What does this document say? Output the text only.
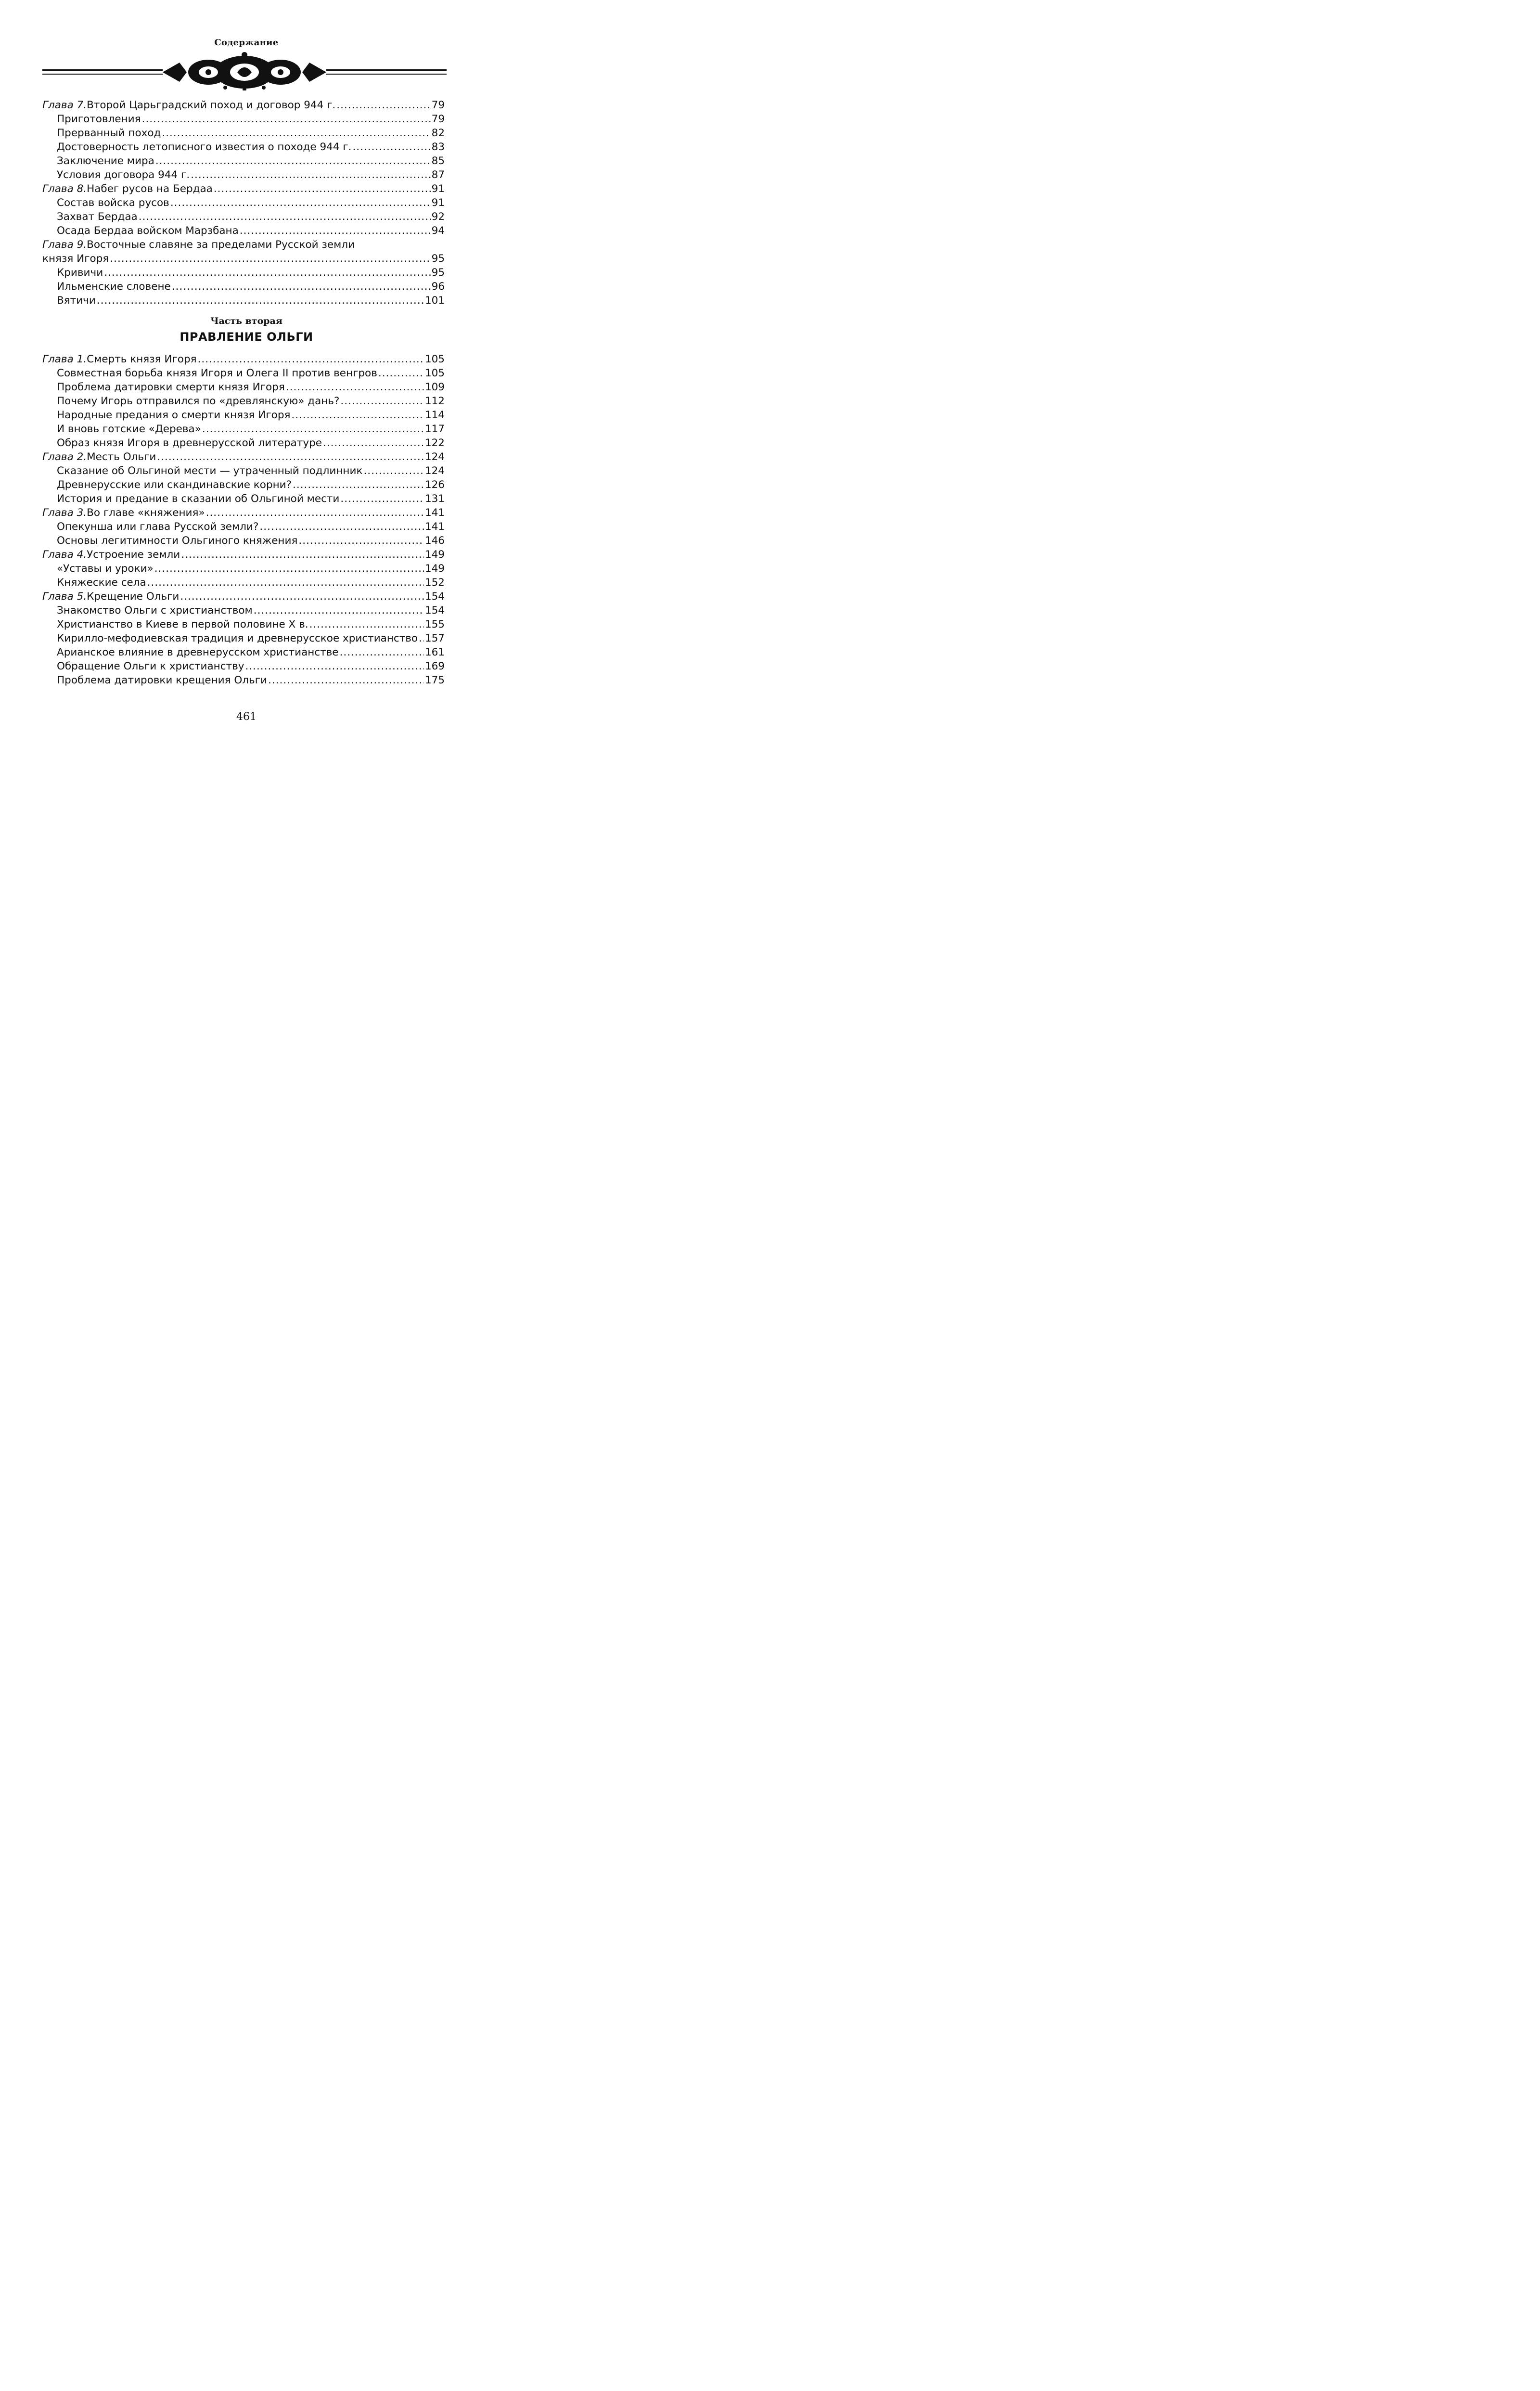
Содержание
Глава 7. Второй Царьградский поход и договор 944 г. .....	79
Приготовления .....	79
Прерванный поход .....	82
Достоверность летописного известия о походе 944 г. .....	83
Заключение мира .....	85
Условия договора 944 г. .....	87
Глава 8. Набег русов на Бердаа .....	91
Состав войска русов .....	91
Захват Бердаа .....	92
Осада Бердаа войском Марзбана .....	94
Глава 9. Восточные славяне за пределами Русской земли
князя Игоря .....	95
Кривичи .....	95
Ильменские словене .....	96
Вятичи .....	101
Часть вторая
ПРАВЛЕНИЕ ОЛЬГИ
Глава 1. Смерть князя Игоря .....	105
Совместная борьба князя Игоря и Олега II против венгров .....	105
Проблема датировки смерти князя Игоря .....	109
Почему Игорь отправился по «древлянскую» дань? .....	112
Народные предания о смерти князя Игоря .....	114
И вновь готские «Дерева» .....	117
Образ князя Игоря в древнерусской литературе .....	122
Глава 2. Месть Ольги .....	124
Сказание об Ольгиной мести — утраченный подлинник .....	124
Древнерусские или скандинавские корни? .....	126
История и предание в сказании об Ольгиной мести .....	131
Глава 3. Во главе «княжения» .....	141
Опекунша или глава Русской земли? .....	141
Основы легитимности Ольгиного княжения .....	146
Глава 4. Устроение земли .....	149
«Уставы и уроки» .....	149
Княжеские села .....	152
Глава 5. Крещение Ольги .....	154
Знакомство Ольги с христианством .....	154
Христианство в Киеве в первой половине X в. .....	155
Кирилло-мефодиевская традиция и древнерусское христианство ..... 157
Арианское влияние в древнерусском христианстве .....	161
Обращение Ольги к христианству .....	169
Проблема датировки крещения Ольги .....	175
461
